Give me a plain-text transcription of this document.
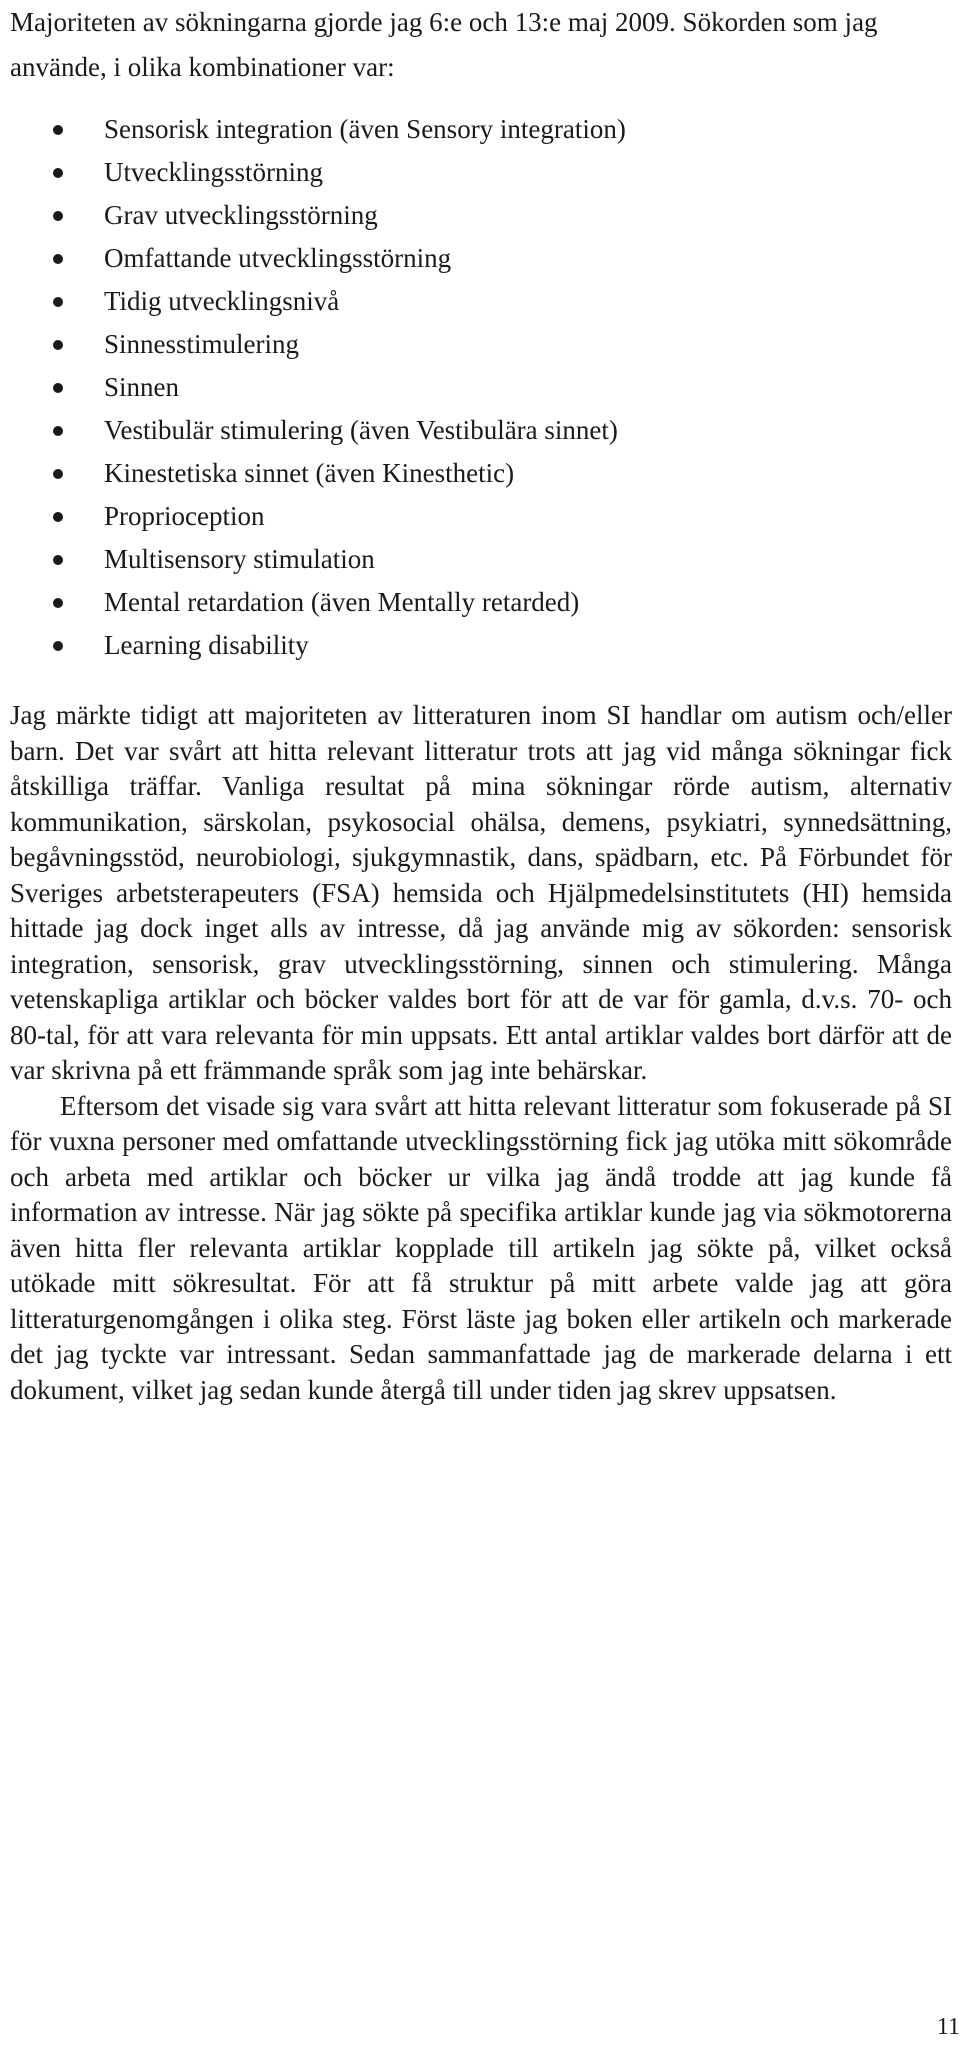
Majoriteten av sökningarna gjorde jag 6:e och 13:e maj 2009. Sökorden som jag använde, i olika kombinationer var:

Sensorisk integration (även Sensory integration)
Utvecklingsstörning
Grav utvecklingsstörning
Omfattande utvecklingsstörning
Tidig utvecklingsnivå
Sinnesstimulering
Sinnen
Vestibulär stimulering (även Vestibulära sinnet)
Kinestetiska sinnet (även Kinesthetic)
Proprioception
Multisensory stimulation
Mental retardation (även Mentally retarded)
Learning disability

Jag märkte tidigt att majoriteten av litteraturen inom SI handlar om autism och/eller barn. Det var svårt att hitta relevant litteratur trots att jag vid många sökningar fick åtskilliga träffar. Vanliga resultat på mina sökningar rörde autism, alternativ kommunikation, särskolan, psykosocial ohälsa, demens, psykiatri, synnedsättning, begåvningsstöd, neurobiologi, sjukgymnastik, dans, spädbarn, etc. På Förbundet för Sveriges arbetsterapeuters (FSA) hemsida och Hjälpmedelsinstitutets (HI) hemsida hittade jag dock inget alls av intresse, då jag använde mig av sökorden: sensorisk integration, sensorisk, grav utvecklingsstörning, sinnen och stimulering. Många vetenskapliga artiklar och böcker valdes bort för att de var för gamla, d.v.s. 70- och 80-tal, för att vara relevanta för min uppsats. Ett antal artiklar valdes bort därför att de var skrivna på ett främmande språk som jag inte behärskar.

Eftersom det visade sig vara svårt att hitta relevant litteratur som fokuserade på SI för vuxna personer med omfattande utvecklingsstörning fick jag utöka mitt sökområde och arbeta med artiklar och böcker ur vilka jag ändå trodde att jag kunde få information av intresse. När jag sökte på specifika artiklar kunde jag via sökmotorerna även hitta fler relevanta artiklar kopplade till artikeln jag sökte på, vilket också utökade mitt sökresultat. För att få struktur på mitt arbete valde jag att göra litteraturgenomgången i olika steg. Först läste jag boken eller artikeln och markerade det jag tyckte var intressant. Sedan sammanfattade jag de markerade delarna i ett dokument, vilket jag sedan kunde återgå till under tiden jag skrev uppsatsen.

11
